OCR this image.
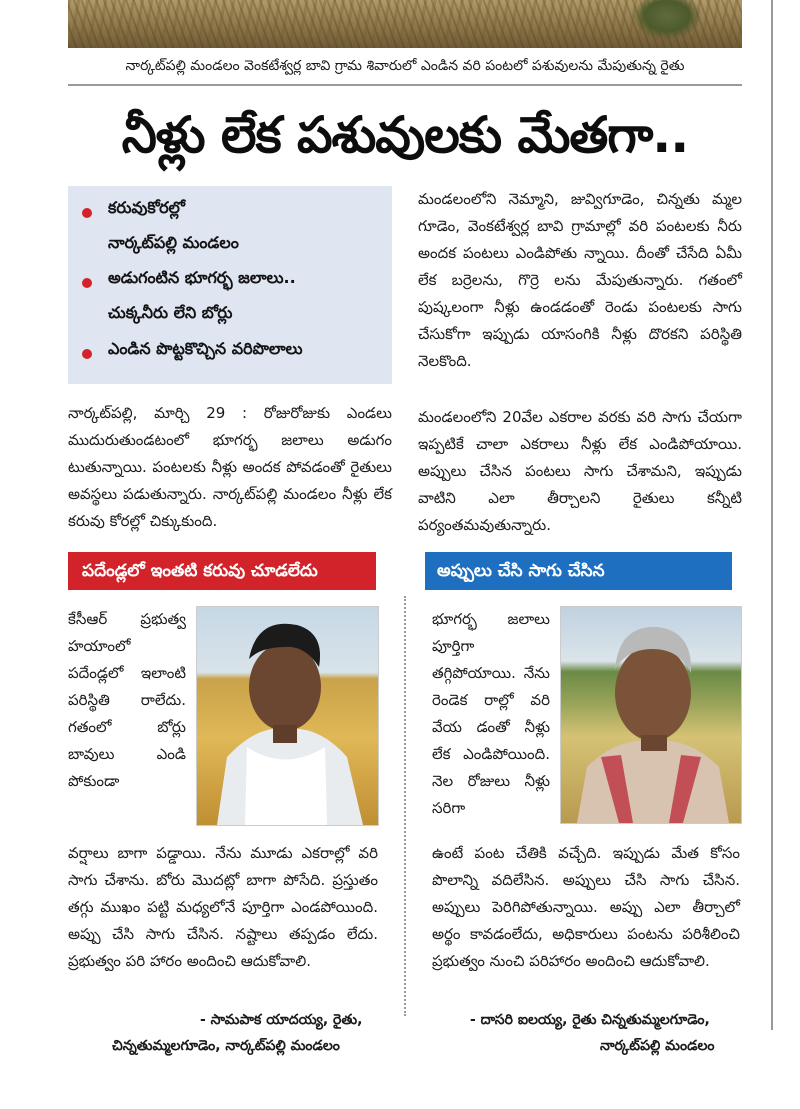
నార్కట్‌పల్లి మండలం వెంకటేశ్వర్ల బావి గ్రామ శివారులో ఎండిన వరి పంటలో పశువులను మేపుతున్న రైతు
నీళ్లు లేక పశువులకు మేతగా..
కరువుకోరల్లో
నార్కట్‌పల్లి మండలం
అడుగంటిన భూగర్భ జలాలు..
చుక్కనీరు లేని బోర్లు
ఎండిన పొట్టకొచ్చిన వరిపొలాలు
నార్కట్‌పల్లి, మార్చి 29 : రోజురోజుకు ఎండలు ముదురుతుండటంలో భూగర్భ జలాలు అడుగం టుతున్నాయి. పంటలకు నీళ్లు అందక పోవడంతో రైతులు అవస్థలు పడుతున్నారు. నార్కట్‌పల్లి మండలం నీళ్లు లేక కరువు కోరల్లో చిక్కుకుంది.
మండలంలోని నెమ్మాని, జువ్విగూడెం, చిన్నతు మ్మల గూడెం, వెంకటేశ్వర్ల బావి గ్రామాల్లో వరి పంటలకు నీరు అందక పంటలు ఎండిపోతు న్నాయి. దీంతో చేసేది ఏమీ లేక బర్రెలను, గొర్రె లను మేపుతున్నారు. గతంలో పుష్కలంగా నీళ్లు ఉండడంతో రెండు పంటలకు సాగు చేసుకోగా ఇప్పుడు యాసంగికి నీళ్లు దొరకని పరిస్థితి నెలకొంది.
మండలంలోని 20వేల ఎకరాల వరకు వరి సాగు చేయగా ఇప్పటికే చాలా ఎకరాలు నీళ్లు లేక ఎండిపోయాయి. అప్పులు చేసిన పంటలు సాగు చేశామని, ఇప్పుడు వాటిని ఎలా తీర్చాలని రైతులు కన్నీటి పర్యంతమవుతున్నారు.
పదేండ్లలో ఇంతటి కరువు చూడలేదు	అప్పులు చేసి సాగు చేసిన
కేసీఆర్ ప్రభుత్వ హయాంలో పదేండ్లలో ఇలాంటి పరిస్థితి రాలేదు. గతంలో బోర్లు బావులు ఎండి పోకుండా
వర్షాలు బాగా పడ్డాయి. నేను మూడు ఎకరాల్లో వరి సాగు చేశాను. బోరు మొదట్లో బాగా పోసేది. ప్రస్తుతం తగ్గు ముఖం పట్టి మధ్యలోనే పూర్తిగా ఎండపోయింది. అప్పు చేసి సాగు చేసిన. నష్టాలు తప్పడం లేదు. ప్రభుత్వం పరి హారం అందించి ఆదుకోవాలి.
- సామపాక యాదయ్య, రైతు,
చిన్నతుమ్మలగూడెం, నార్కట్‌పల్లి మండలం
భూగర్భ జలాలు పూర్తిగా తగ్గిపోయాయి. నేను రెండెక రాల్లో వరి వేయ డంతో నీళ్లు లేక ఎండిపోయింది. నెల రోజులు నీళ్లు సరిగా
ఉంటే పంట చేతికి వచ్చేది. ఇప్పుడు మేత కోసం పొలాన్ని వదిలేసిన. అప్పులు చేసి సాగు చేసిన. అప్పులు పెరిగిపోతున్నాయి. అప్పు ఎలా తీర్చాలో అర్థం కావడంలేదు, అధికారులు పంటను పరిశీలించి ప్రభుత్వం నుంచి పరిహారం అందించి ఆదుకోవాలి.
- దాసరి ఐలయ్య, రైతు చిన్నతుమ్మలగూడెం,
నార్కట్‌పల్లి మండలం
